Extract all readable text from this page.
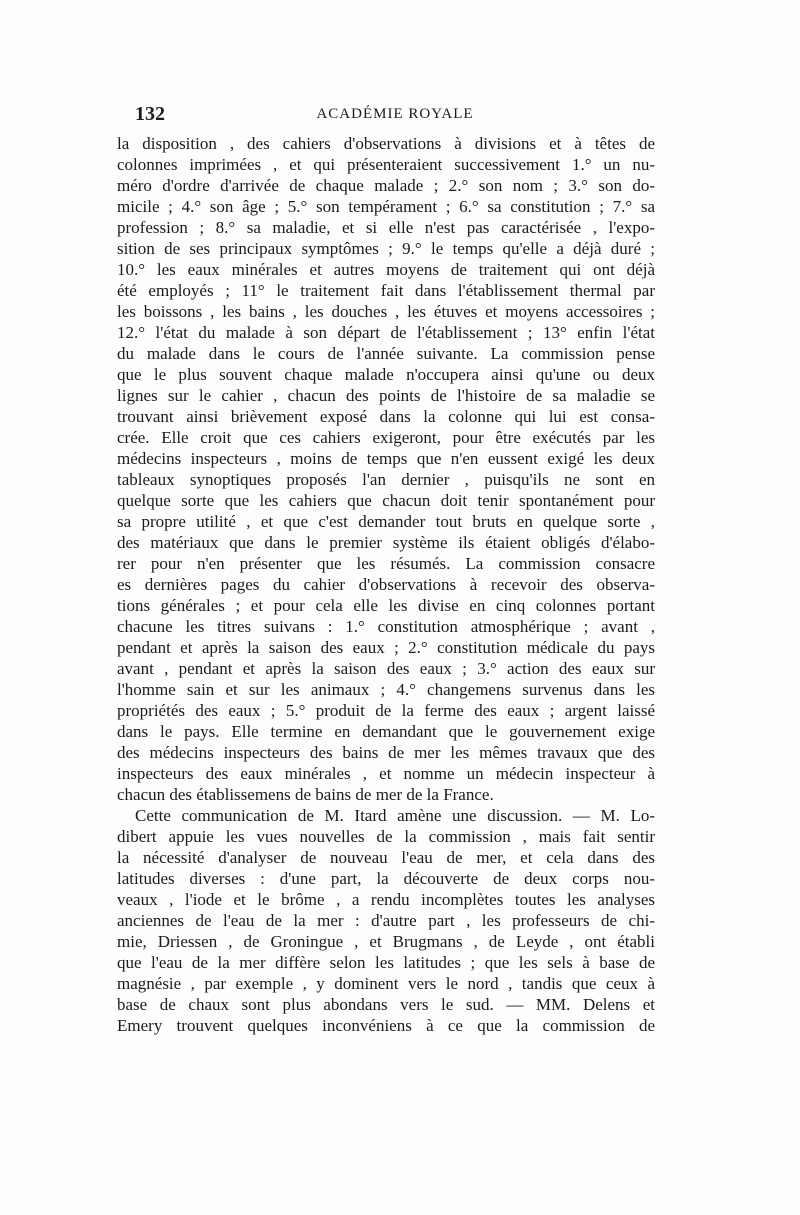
132	ACADÉMIE ROYALE
la disposition , des cahiers d'observations à divisions et à têtes de
colonnes imprimées , et qui présenteraient successivement 1.° un nu-
méro d'ordre d'arrivée de chaque malade ; 2.° son nom ; 3.° son do-
micile ; 4.° son âge ; 5.° son tempérament ; 6.° sa constitution ; 7.° sa
profession ; 8.° sa maladie, et si elle n'est pas caractérisée , l'expo-
sition de ses principaux symptômes ; 9.° le temps qu'elle a déjà duré ;
10.° les eaux minérales et autres moyens de traitement qui ont déjà
été employés ; 11° le traitement fait dans l'établissement thermal par
les boissons , les bains , les douches , les étuves et moyens accessoires ;
12.° l'état du malade à son départ de l'établissement ; 13° enfin l'état
du malade dans le cours de l'année suivante. La commission pense
que le plus souvent chaque malade n'occupera ainsi qu'une ou deux
lignes sur le cahier , chacun des points de l'histoire de sa maladie se
trouvant ainsi brièvement exposé dans la colonne qui lui est consa-
crée. Elle croit que ces cahiers exigeront, pour être exécutés par les
médecins inspecteurs , moins de temps que n'en eussent exigé les deux
tableaux synoptiques proposés l'an dernier , puisqu'ils ne sont en
quelque sorte que les cahiers que chacun doit tenir spontanément pour
sa propre utilité , et que c'est demander tout bruts en quelque sorte ,
des matériaux que dans le premier système ils étaient obligés d'élabo-
rer pour n'en présenter que les résumés. La commission consacre
es dernières pages du cahier d'observations à recevoir des observa-
tions générales ; et pour cela elle les divise en cinq colonnes portant
chacune les titres suivans : 1.° constitution atmosphérique ; avant ,
pendant et après la saison des eaux ; 2.° constitution médicale du pays
avant , pendant et après la saison des eaux ; 3.° action des eaux sur
l'homme sain et sur les animaux ; 4.° changemens survenus dans les
propriétés des eaux ; 5.° produit de la ferme des eaux ; argent laissé
dans le pays. Elle termine en demandant que le gouvernement exige
des médecins inspecteurs des bains de mer les mêmes travaux que des
inspecteurs des eaux minérales , et nomme un médecin inspecteur à
chacun des établissemens de bains de mer de la France.
Cette communication de M. Itard amène une discussion. — M. Lo-
dibert appuie les vues nouvelles de la commission , mais fait sentir
la nécessité d'analyser de nouveau l'eau de mer, et cela dans des
latitudes diverses : d'une part, la découverte de deux corps nou-
veaux , l'iode et le brôme , a rendu incomplètes toutes les analyses
anciennes de l'eau de la mer : d'autre part , les professeurs de chi-
mie, Driessen , de Groningue , et Brugmans , de Leyde , ont établi
que l'eau de la mer diffère selon les latitudes ; que les sels à base de
magnésie , par exemple , y dominent vers le nord , tandis que ceux à
base de chaux sont plus abondans vers le sud. — MM. Delens et
Emery trouvent quelques inconvéniens à ce que la commission de
